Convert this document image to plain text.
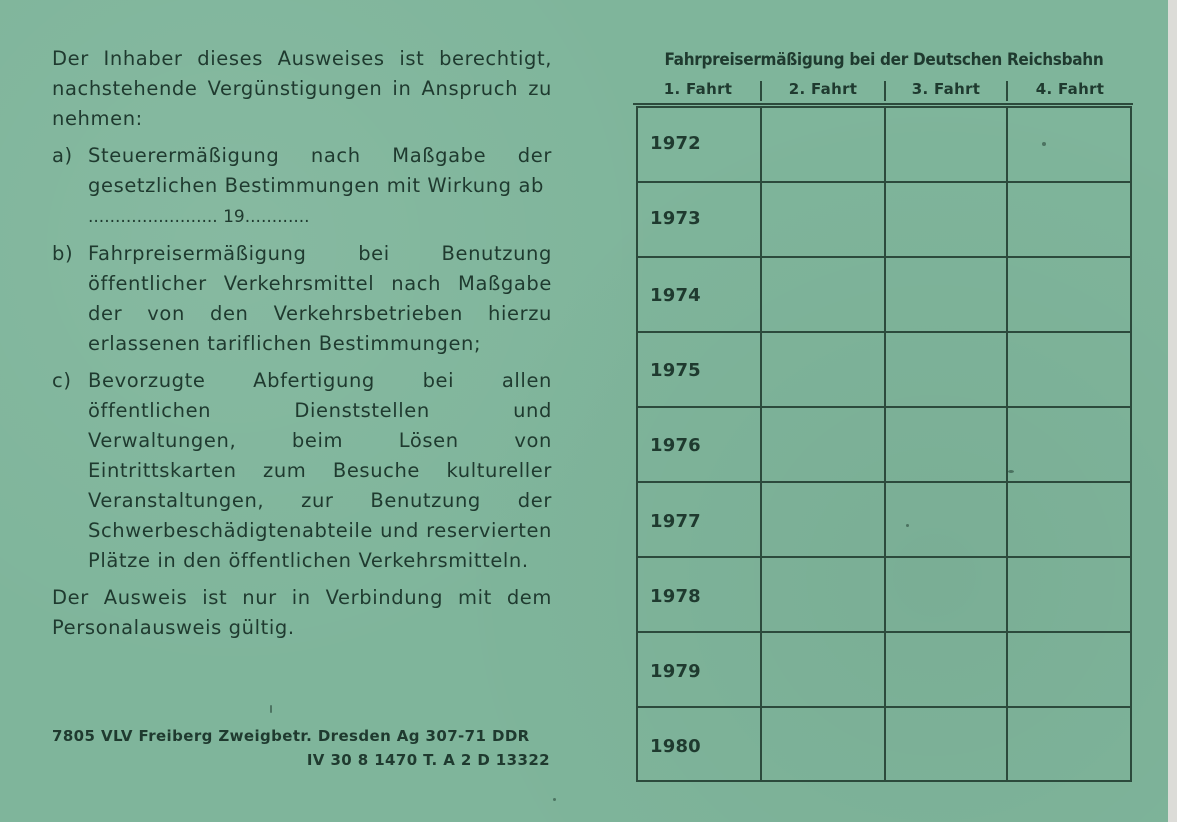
Der Inhaber dieses Ausweises ist berechtigt, nachstehende Vergünstigungen in Anspruch zu nehmen:
a) Steuerermäßigung nach Maßgabe der gesetzlichen Bestimmungen mit Wirkung ab
........................ 19............
b) Fahrpreisermäßigung bei Benutzung öffentlicher Verkehrsmittel nach Maßgabe der von den Verkehrsbetrieben hierzu erlassenen tariflichen Bestimmungen;
c) Bevorzugte Abfertigung bei allen öffentlichen Dienststellen und Verwaltungen, beim Lösen von Eintrittskarten zum Besuche kultureller Veranstaltungen, zur Benutzung der Schwerbeschädigtenabteile und reservierten Plätze in den öffentlichen Verkehrsmitteln.
Der Ausweis ist nur in Verbindung mit dem Personalausweis gültig.
7805 VLV Freiberg Zweigbetr. Dresden Ag 307-71 DDR
IV 30 8 1470 T. A 2 D 13322
Fahrpreisermäßigung bei der Deutschen Reichsbahn
1. Fahrt	2. Fahrt	3. Fahrt	4. Fahrt
1972
1973
1974
1975
1976
1977
1978
1979
1980
